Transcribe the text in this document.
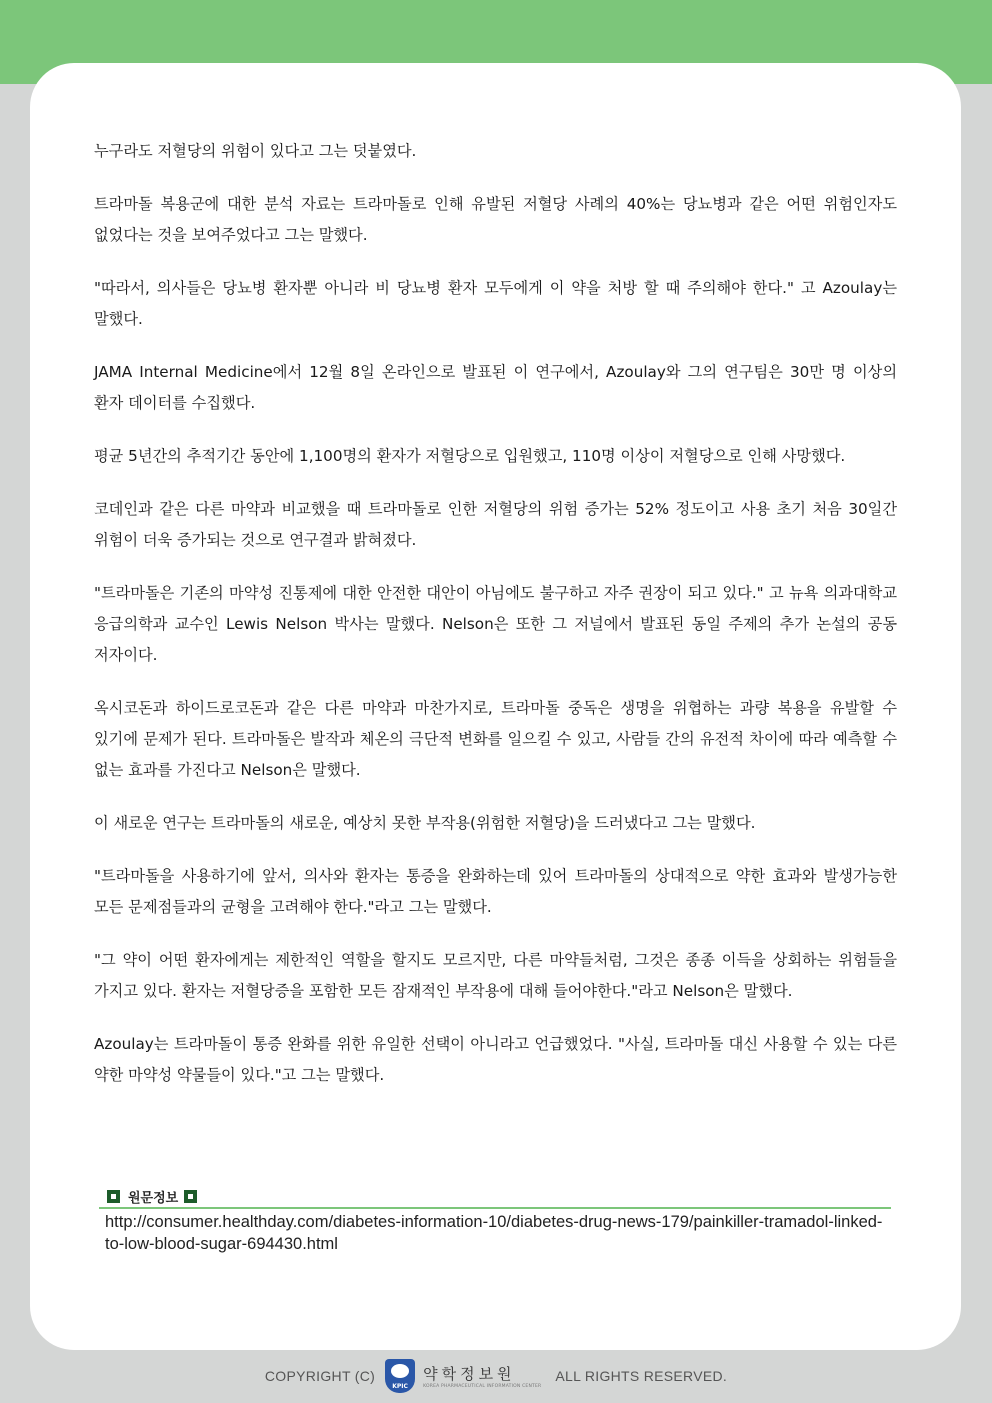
누구라도 저혈당의 위험이 있다고 그는 덧붙였다.

트라마돌 복용군에 대한 분석 자료는 트라마돌로 인해 유발된 저혈당 사례의 40%는 당뇨병과 같은 어떤 위험인자도 없었다는 것을 보여주었다고 그는 말했다.

"따라서, 의사들은 당뇨병 환자뿐 아니라 비 당뇨병 환자 모두에게 이 약을 처방 할 때 주의해야 한다." 고 Azoulay는 말했다.

JAMA Internal Medicine에서 12월 8일 온라인으로 발표된 이 연구에서, Azoulay와 그의 연구팀은 30만 명 이상의 환자 데이터를 수집했다.

평균 5년간의 추적기간 동안에 1,100명의 환자가 저혈당으로 입원했고, 110명 이상이 저혈당으로 인해 사망했다.

코데인과 같은 다른 마약과 비교했을 때 트라마돌로 인한 저혈당의 위험 증가는 52% 정도이고 사용 초기 처음 30일간 위험이 더욱 증가되는 것으로 연구결과 밝혀졌다.

"트라마돌은 기존의 마약성 진통제에 대한 안전한 대안이 아님에도 불구하고 자주 권장이 되고 있다." 고 뉴욕 의과대학교 응급의학과 교수인 Lewis Nelson 박사는 말했다. Nelson은 또한 그 저널에서 발표된 동일 주제의 추가 논설의 공동 저자이다.

옥시코돈과 하이드로코돈과 같은 다른 마약과 마찬가지로, 트라마돌 중독은 생명을 위협하는 과량 복용을 유발할 수 있기에 문제가 된다. 트라마돌은 발작과 체온의 극단적 변화를 일으킬 수 있고, 사람들 간의 유전적 차이에 따라 예측할 수 없는 효과를 가진다고 Nelson은 말했다.

이 새로운 연구는 트라마돌의 새로운, 예상치 못한 부작용(위험한 저혈당)을 드러냈다고 그는 말했다.

"트라마돌을 사용하기에 앞서, 의사와 환자는 통증을 완화하는데 있어 트라마돌의 상대적으로 약한 효과와 발생가능한 모든 문제점들과의 균형을 고려해야 한다."라고 그는 말했다.

"그 약이 어떤 환자에게는 제한적인 역할을 할지도 모르지만, 다른 마약들처럼, 그것은 종종 이득을 상회하는 위험들을 가지고 있다. 환자는 저혈당증을 포함한 모든 잠재적인 부작용에 대해 들어야한다."라고 Nelson은 말했다.

Azoulay는 트라마돌이 통증 완화를 위한 유일한 선택이 아니라고 언급했었다. "사실, 트라마돌 대신 사용할 수 있는 다른 약한 마약성 약물들이 있다."고 그는 말했다.

원문정보
http://consumer.healthday.com/diabetes-information-10/diabetes-drug-news-179/painkiller-tramadol-linked-to-low-blood-sugar-694430.html
COPYRIGHT (C)
KPIC	약학정보원
KOREA PHARMACEUTICAL INFORMATION CENTER
ALL RIGHTS RESERVED.
